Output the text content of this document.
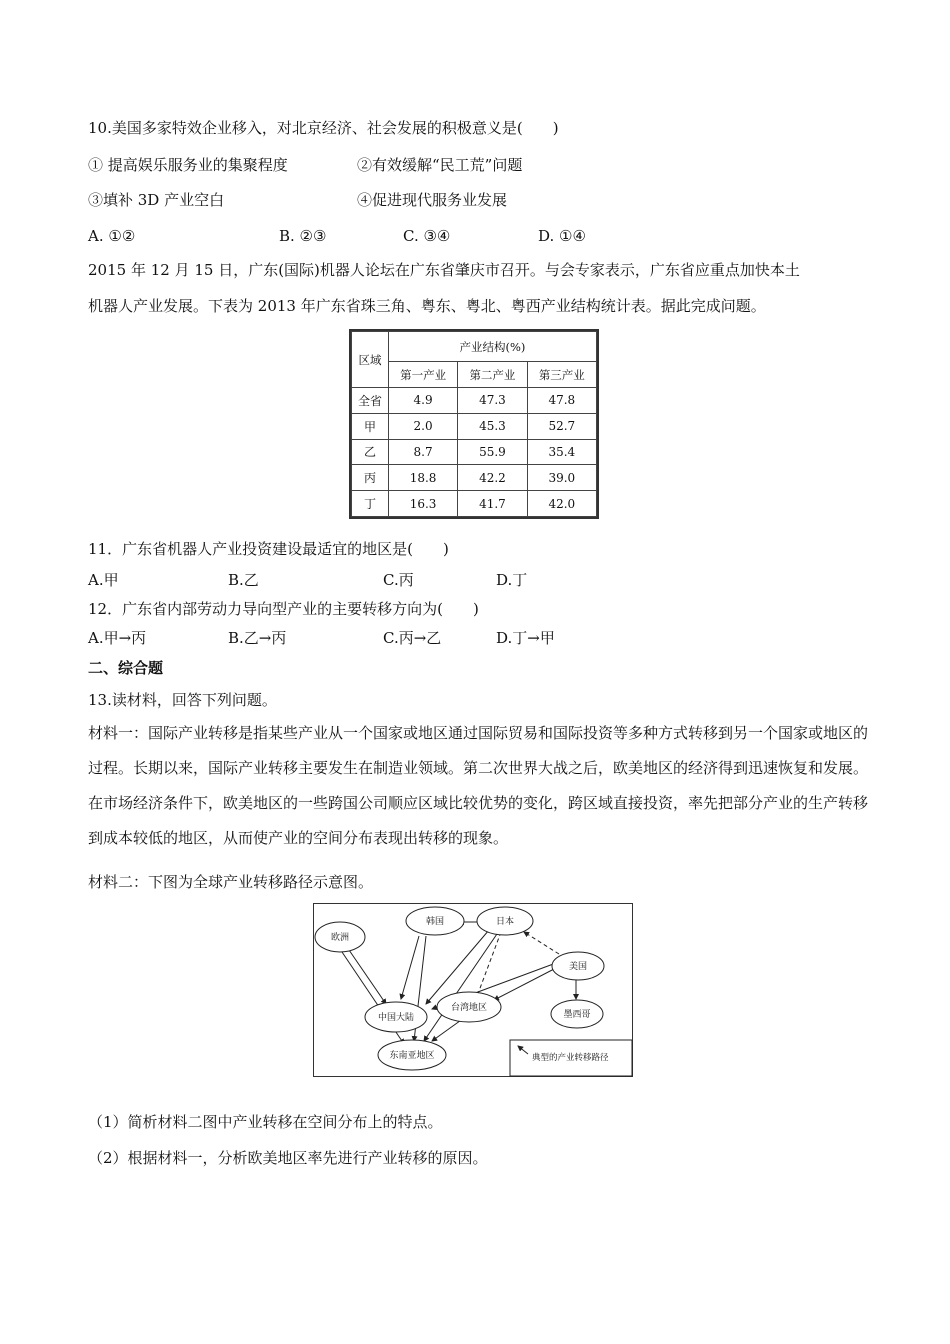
10.美国多家特效企业移入，对北京经济、社会发展的积极意义是(　　)
① 提高娱乐服务业的集聚程度	②有效缓解“民工荒”问题
③填补 3D 产业空白	④促进现代服务业发展
A. ①②	B. ②③	C. ③④	D. ①④
2015 年 12 月 15 日，广东(国际)机器人论坛在广东省肇庆市召开。与会专家表示，广东省应重点加快本土
机器人产业发展。下表为 2013 年广东省珠三角、粤东、粤北、粤西产业结构统计表。据此完成问题。
区域	产业结构(%)		
	第一产业	第二产业	第三产业
全省	4.9	47.3	47.8
甲	2.0	45.3	52.7
乙	8.7	55.9	35.4
丙	18.8	42.2	39.0
丁	16.3	41.7	42.0
11．广东省机器人产业投资建设最适宜的地区是(　　)
A.甲	B.乙	C.丙	D.丁
12．广东省内部劳动力导向型产业的主要转移方向为(　　)
A.甲→丙	B.乙→丙	C.丙→乙	D.丁→甲
二、综合题
13.读材料，回答下列问题。
材料一：国际产业转移是指某些产业从一个国家或地区通过国际贸易和国际投资等多种方式转移到另一个国家或地区的过程。长期以来，国际产业转移主要发生在制造业领域。第二次世界大战之后，欧美地区的经济得到迅速恢复和发展。在市场经济条件下，欧美地区的一些跨国公司顺应区域比较优势的变化，跨区域直接投资，率先把部分产业的生产转移到成本较低的地区，从而使产业的空间分布表现出转移的现象。
材料二：下图为全球产业转移路径示意图。
韩国	日本
欧洲
美国
中国大陆
台湾地区
墨西哥
东南亚地区	典型的产业转移路径
（1）简析材料二图中产业转移在空间分布上的特点。
（2）根据材料一，分析欧美地区率先进行产业转移的原因。
